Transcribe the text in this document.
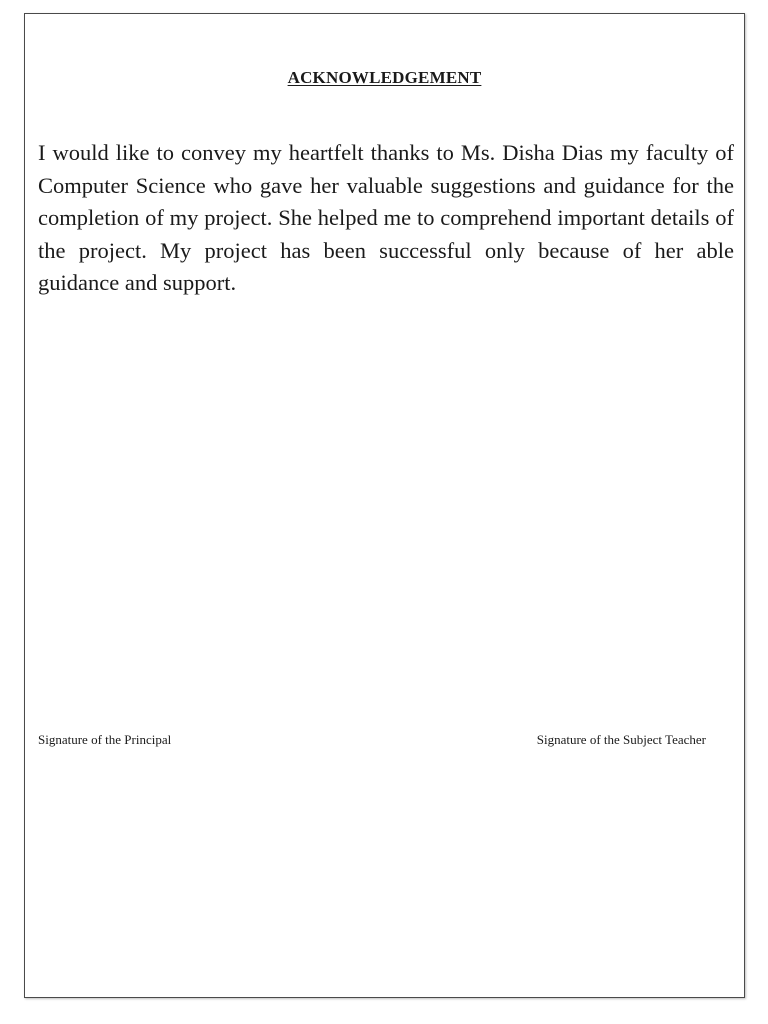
ACKNOWLEDGEMENT

I would like to convey my heartfelt thanks to Ms. Disha Dias my faculty of Computer Science who gave her valuable suggestions and guidance for the completion of my project. She helped me to comprehend important details of the project. My project has been successful only because of her able guidance and support.

Signature of the Principal	Signature of the Subject Teacher
